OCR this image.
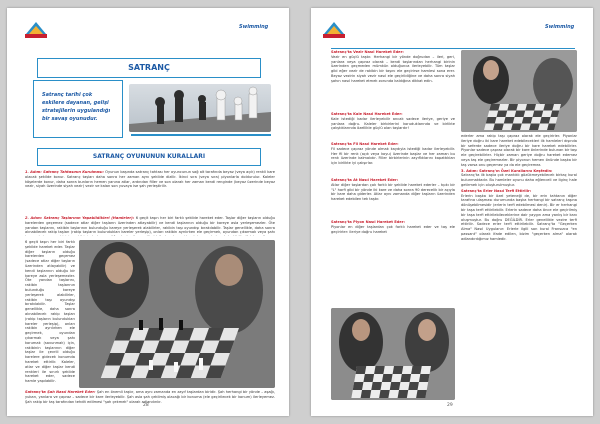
Swimming
SATRANÇ
Satranç tarihi çok eskilere dayanan, gelişi stratejilerin uygulandığı bir savaş oyunudur.
SATRANÇ OYUNUNUN KURALLARI
1. Adım: Satranç Tahtasının Kurulması: Oyunun başında satranç tahtası her oyuncunun sağ alt tarafında beyaz (veya açık) renkli kare olacak şekilde konur. Satranç taşları daha sonra her zaman aynı şekilde dizilir. İkinci sıra (veya sıra) piyonlarla doldurulur. Kaleler köşelerde konur, daha sonra bunların hemen yanına atlar, ardından filler ve son olarak her zaman kendi renginde (beyaz üzerinde beyaz vezir, siyah üzerinde siyah vezir) vezir ve kalan son yuvaya ise şah yerleştirilir.
2. Adım: Satranç Taşlarının Yapabildikleri (Hamleler): 6 geçit taşın her biri farklı şekilde hareket eder. Taşlar diğer taşların olduğu karelerden geçemez (sadece atlar diğer taşların üzerinden atlayabilir) ve kendi taşlarının olduğu bir kareye asla yerleşemezler. Öte yandan taşlarını, rakibin taşlarının bulunduğu kareye yerleşerek alabilirler, rakibin taşı oyundışı bırakılabilir. Taşlar genellikle, daha sonra alınabilecek rakip taşları (rakip taşların bulundukları kareler yerleşip), onları rakibin ayrılırken ele geçirmek, oyundan çıkarmak veya şahı
6 geçit taşın her biri farklı şekilde hareket eder. Taşlar diğer taşların olduğu karelerden geçemez (sadece atlar diğer taşların üzerinden atlayabilir) ve kendi taşlarının olduğu bir kareye asla yerleşemezler. Öte yandan taşlarını, rakibin taşlarının bulunduğu kareye yerleşerek alabilirler, rakibin taşı oyundışı bırakılabilir. Taşlar genellikle, daha sonra alınabilecek rakip taşları (rakip taşların bulundukları kareler yerleşip), onları rakibin ayrılırken ele geçirmek, oyundan çıkarmak veya şahı korumak (savunmak) için, rakibinin taşlarının diğer taşlar ile çevrili olduğu karelere gidecek konumda hareket ettirilir. Kaleler, atlar ve diğer taşlar kendi renkleri ile sınırlı şekilde hareket eder, sadece hamle yapılabilir.
Satranç'ta Şah Nasıl Hareket Eder: Şah en önemli taştır, ama aynı zamanda en zayıf taşlardan biridir. Şah herhangi bir yönde – aşağı, yukarı, yanlara ve çapraz – sadece bir kare ilerleyebilir. Şah asla şah çekilmiş olacağı bir konuma (ele geçirilecek bir konum) ilerleyemez. Şah rakip bir taş tarafından tehdit edilmesi "şah çekmek" olarak adlandırılır.
28
Swimming
Satranç'ta Vezir Nasıl Hareket Eder:
Vezir en güçlü taştır. Herhangi bir yönde doğrudan – ileri, geri, yanlara veya çapraz olarak – kendi taşlarından herhangi birinin üzerinden geçmeden mümkün olduğunca ilerleyebilir. Tüm taşlar gibi eğer vezir de rakibin bir taşını ele geçirirse hamlesi sona erer. Beyaz vezirin siyah vezir nasıl ele geçirildiğine ve daha sonra siyah şahın nasıl hareket etmek zorunda kaldığına dikkat edin.
Satranç'ta Kale Nasıl Hareket Eder:
Kale istediği kadar ilerleyebilir ancak sadece ileriye, geriye ve yanlara doğru. Kaleler birbirlerini koruduklarında ve birlikte çalıştıklarında özellikle güçlü olan taşlardır!
Satranç'ta Fil Nasıl Hareket Eder:
Fil sadece çapraz yönde olmak kaydıyla istediği kadar ilerleyebilir. Her fil bir renk (açık veya koyu) üzerinde başlar ve her zaman bu renk üzerinde kalmalıdır. Filler birbirlerinin zayıflıklarını kapattıkları için birlikte iyi çalışırlar.
Satranç'ta At Nasıl Hareket Eder:
Atlar diğer taşlardan çok farklı bir şekilde hareket ederler – tıpkı bir "L" harfi gibi bir yönde iki kare ve daha sonra 90 derecelik bir açıyla bir kare daha giderler. Atlar aynı zamanda diğer taşların üzerinden hareket edebilen tek taştır.
Satranç'ta Piyon Nasıl Hareket Eder:
Piyonlar en diğer taşlardan çok farklı hareket eder ve taş ele geçirirler: ileriye doğru hareket
ederler ama rakip taşı çapraz olarak ele geçirirler. Piyonlar ileriye doğru iki kare hareket edebilecekleri ilk hamleleri dışında bir seferde sadece ileriye doğru bir kare hareket edebilirler. Piyonlar sadece çapraz olarak bir kare önlerinde bulunan bir taşı ele geçirebilirler. Hiçbir zaman geriye doğru hareket edemez veya taş ele geçiremezler. Bir piyonun hemen önünde başka bir taş varsa onu geçemez ya da ele geçiremez.
3. Adım: Satranç'ın Özel Kurallarını Keşfedin:
Satranç'ta ilk başta çok mantıklı gözükmeyebilecek birkaç kural bulunmaktadır. Bu hamleler oyunu daha eğlenceli ve ilginç hale getirmek için oluşturulmuştur.
Satranç'ta Erler Nasıl Terfi Ettirilir:
Erlerin başka bir özel yeteneği de, bir erin tahtanın diğer tarafına ulaşması durumunda başka herhangi bir satranç taşına dönüşebilmesidir (erlerin terfi edebilmesi denir). Bir er herhangi bir taşa terfi ettirilebilir. Erlerin sadece daha önce ele geçirilmiş bir taşa terfi ettirilebileceklerine dair yaygın ama yanlış bir kanı oluşmuştur. Bu doğru DEĞİLDİR. Erler genellikle vezire terfi ettirilir. Sadece erler terfi ettirilebilir. Satranç'ta "Geçerken Alma" Nasıl Uygulanır: Erlerle ilgili son kural Fransızca "en passant" olarak ifade edilen, bizim "geçerken alma" olarak adlandırdığımız hamledir.
29
